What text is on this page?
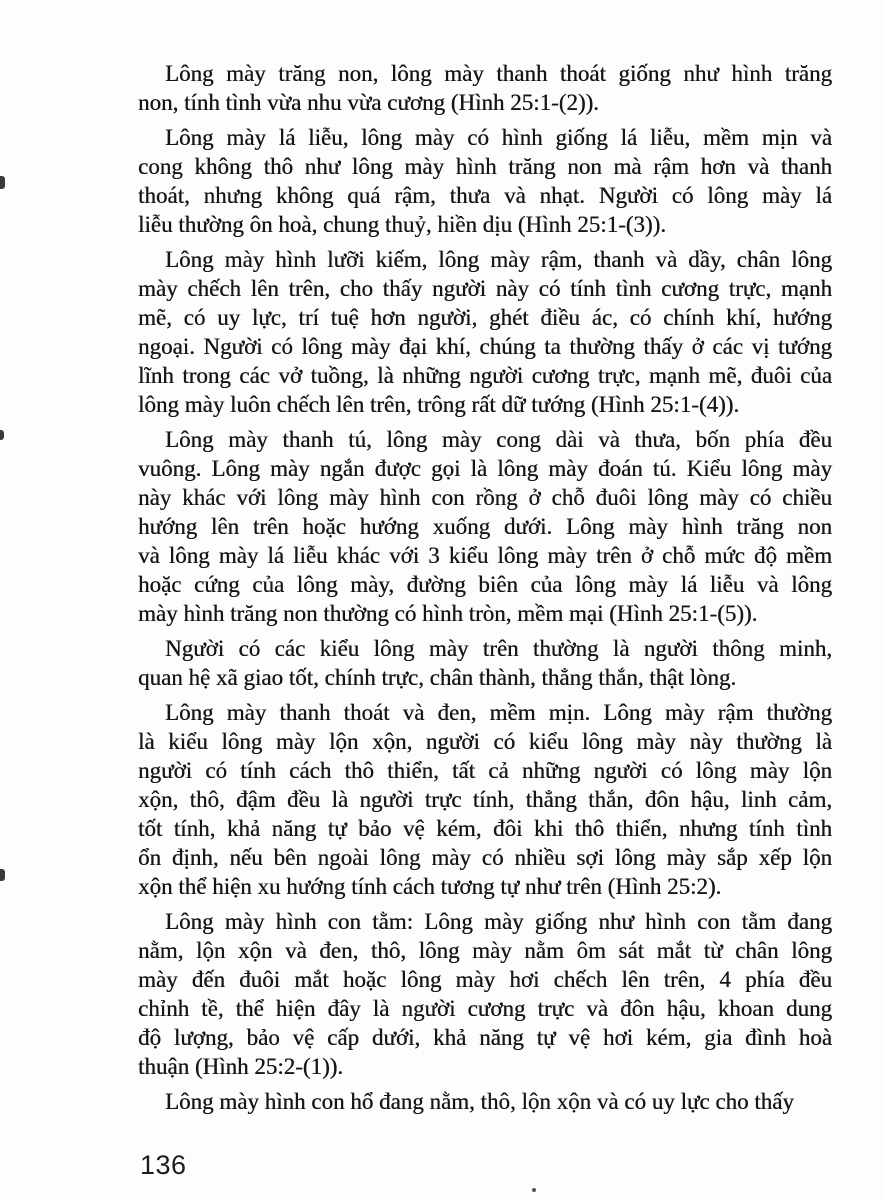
Lông mày trăng non, lông mày thanh thoát giống như hình trăng
non, tính tình vừa nhu vừa cương (Hình 25:1-(2)).
Lông mày lá liễu, lông mày có hình giống lá liễu, mềm mịn và
cong không thô như lông mày hình trăng non mà rậm hơn và thanh
thoát, nhưng không quá rậm, thưa và nhạt. Người có lông mày lá
liễu thường ôn hoà, chung thuỷ, hiền dịu (Hình 25:1-(3)).
Lông mày hình lưỡi kiếm, lông mày rậm, thanh và dầy, chân lông
mày chếch lên trên, cho thấy người này có tính tình cương trực, mạnh
mẽ, có uy lực, trí tuệ hơn người, ghét điều ác, có chính khí, hướng
ngoại. Người có lông mày đại khí, chúng ta thường thấy ở các vị tướng
lĩnh trong các vở tuồng, là những người cương trực, mạnh mẽ, đuôi của
lông mày luôn chếch lên trên, trông rất dữ tướng (Hình 25:1-(4)).
Lông mày thanh tú, lông mày cong dài và thưa, bốn phía đều
vuông. Lông mày ngắn được gọi là lông mày đoán tú. Kiểu lông mày
này khác với lông mày hình con rồng ở chỗ đuôi lông mày có chiều
hướng lên trên hoặc hướng xuống dưới. Lông mày hình trăng non
và lông mày lá liễu khác với 3 kiểu lông mày trên ở chỗ mức độ mềm
hoặc cứng của lông mày, đường biên của lông mày lá liễu và lông
mày hình trăng non thường có hình tròn, mềm mại (Hình 25:1-(5)).
Người có các kiểu lông mày trên thường là người thông minh,
quan hệ xã giao tốt, chính trực, chân thành, thẳng thắn, thật lòng.
Lông mày thanh thoát và đen, mềm mịn. Lông mày rậm thường
là kiểu lông mày lộn xộn, người có kiểu lông mày này thường là
người có tính cách thô thiển, tất cả những người có lông mày lộn
xộn, thô, đậm đều là người trực tính, thẳng thắn, đôn hậu, linh cảm,
tốt tính, khả năng tự bảo vệ kém, đôi khi thô thiển, nhưng tính tình
ổn định, nếu bên ngoài lông mày có nhiều sợi lông mày sắp xếp lộn
xộn thể hiện xu hướng tính cách tương tự như trên (Hình 25:2).
Lông mày hình con tằm: Lông mày giống như hình con tằm đang
nằm, lộn xộn và đen, thô, lông mày nằm ôm sát mắt từ chân lông
mày đến đuôi mắt hoặc lông mày hơi chếch lên trên, 4 phía đều
chỉnh tề, thể hiện đây là người cương trực và đôn hậu, khoan dung
độ lượng, bảo vệ cấp dưới, khả năng tự vệ hơi kém, gia đình hoà
thuận (Hình 25:2-(1)).
Lông mày hình con hổ đang nằm, thô, lộn xộn và có uy lực cho thấy
136
